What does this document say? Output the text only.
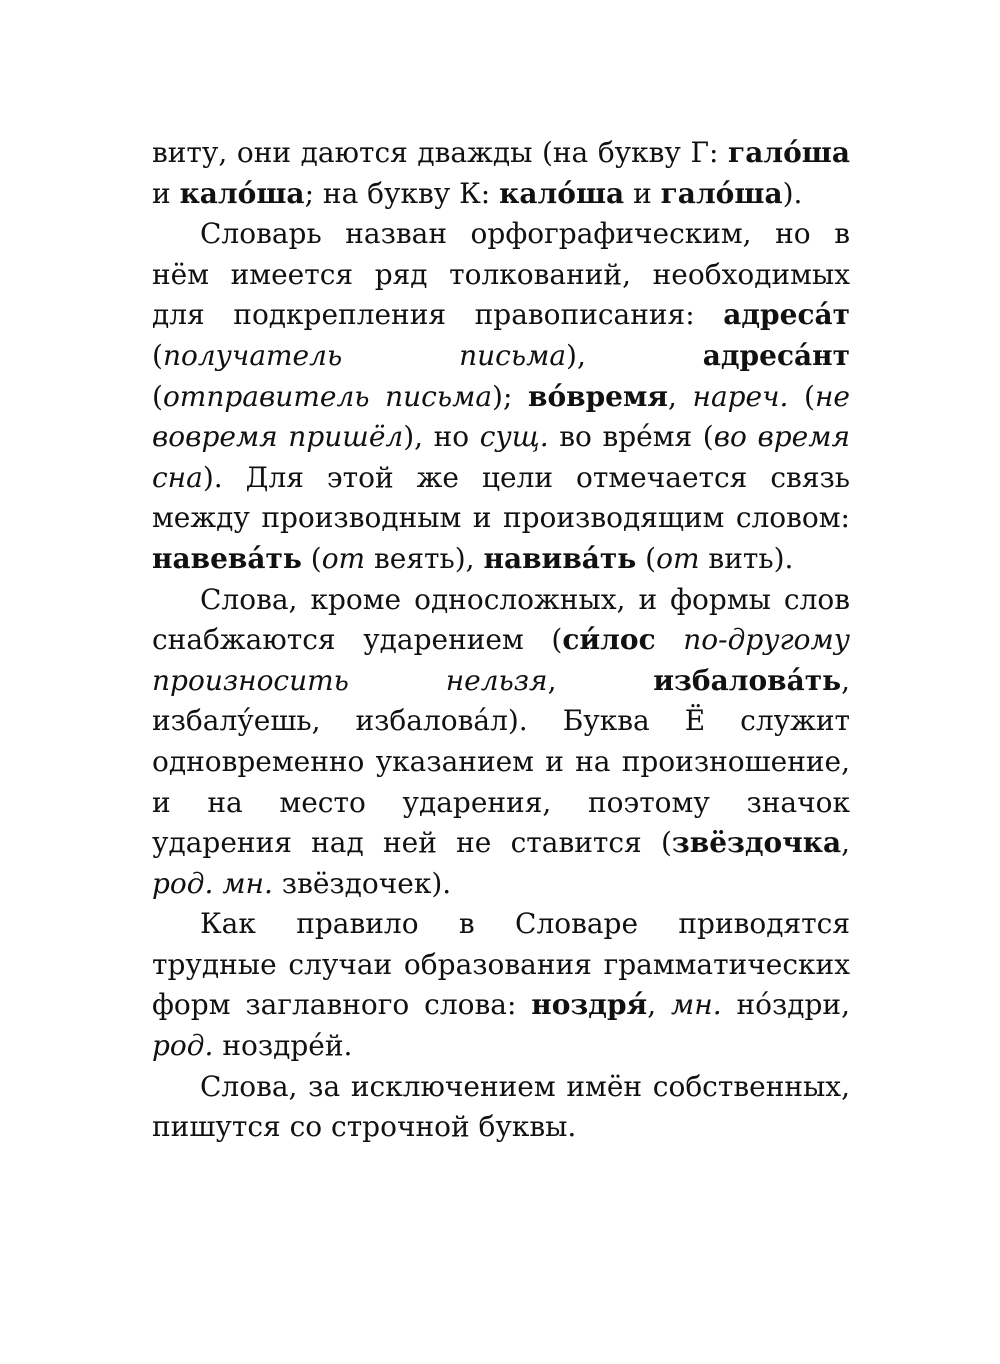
виту, они даются дважды (на букву Г: гало́ша и кало́ша; на букву К: кало́ша и гало́ша).

Словарь назван орфографическим, но в нём имеется ряд толкований, необходимых для подкрепления правописания: адреса́т (получатель письма), адреса́нт (отправитель письма); во́время, нареч. (не вовремя пришёл), но сущ. во вре́мя (во время сна). Для этой же цели отмечается связь между производным и производящим словом: навева́ть (от веять), навива́ть (от вить).

Слова, кроме односложных, и формы слов снабжаются ударением (си́лос по-другому произносить нельзя, избалова́ть, избалу́ешь, избалова́л). Буква Ё служит одновременно указанием и на произношение, и на место ударения, поэтому значок ударения над ней не ставится (звёздочка, род. мн. звёздочек).

Как правило в Словаре приводятся трудные случаи образования грамматических форм заглавного слова: ноздря́, мн. но́здри, род. ноздре́й.

Слова, за исключением имён собственных, пишутся со строчной буквы.
